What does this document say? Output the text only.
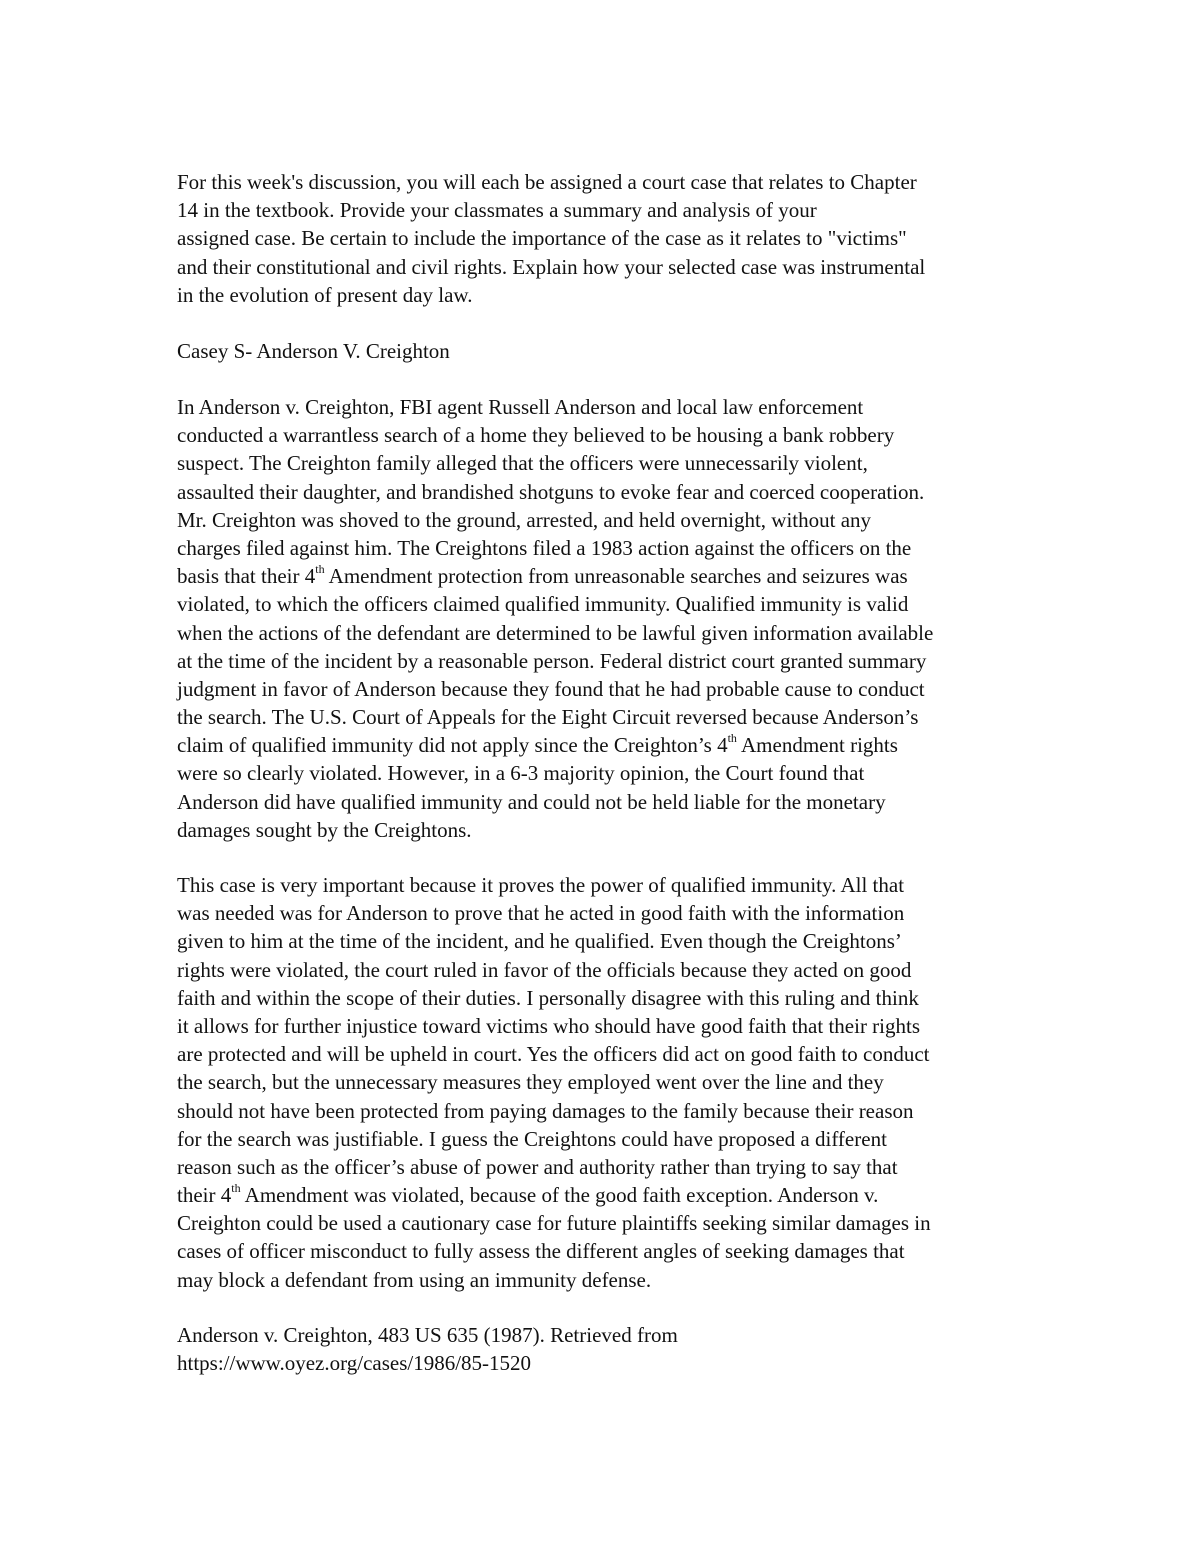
For this week's discussion, you will each be assigned a court case that relates to Chapter
14 in the textbook. Provide your classmates a summary and analysis of your
assigned case. Be certain to include the importance of the case as it relates to "victims"
and their constitutional and civil rights. Explain how your selected case was instrumental
in the evolution of present day law.
Casey S- Anderson V. Creighton
In Anderson v. Creighton, FBI agent Russell Anderson and local law enforcement
conducted a warrantless search of a home they believed to be housing a bank robbery
suspect. The Creighton family alleged that the officers were unnecessarily violent,
assaulted their daughter, and brandished shotguns to evoke fear and coerced cooperation.
Mr. Creighton was shoved to the ground, arrested, and held overnight, without any
charges filed against him. The Creightons filed a 1983 action against the officers on the
basis that their 4th Amendment protection from unreasonable searches and seizures was
violated, to which the officers claimed qualified immunity. Qualified immunity is valid
when the actions of the defendant are determined to be lawful given information available
at the time of the incident by a reasonable person. Federal district court granted summary
judgment in favor of Anderson because they found that he had probable cause to conduct
the search. The U.S. Court of Appeals for the Eight Circuit reversed because Anderson’s
claim of qualified immunity did not apply since the Creighton’s 4th Amendment rights
were so clearly violated. However, in a 6-3 majority opinion, the Court found that
Anderson did have qualified immunity and could not be held liable for the monetary
damages sought by the Creightons.
This case is very important because it proves the power of qualified immunity. All that
was needed was for Anderson to prove that he acted in good faith with the information
given to him at the time of the incident, and he qualified. Even though the Creightons’
rights were violated, the court ruled in favor of the officials because they acted on good
faith and within the scope of their duties. I personally disagree with this ruling and think
it allows for further injustice toward victims who should have good faith that their rights
are protected and will be upheld in court. Yes the officers did act on good faith to conduct
the search, but the unnecessary measures they employed went over the line and they
should not have been protected from paying damages to the family because their reason
for the search was justifiable. I guess the Creightons could have proposed a different
reason such as the officer’s abuse of power and authority rather than trying to say that
their 4th Amendment was violated, because of the good faith exception. Anderson v.
Creighton could be used a cautionary case for future plaintiffs seeking similar damages in
cases of officer misconduct to fully assess the different angles of seeking damages that
may block a defendant from using an immunity defense.
Anderson v. Creighton, 483 US 635 (1987). Retrieved from
https://www.oyez.org/cases/1986/85-1520
